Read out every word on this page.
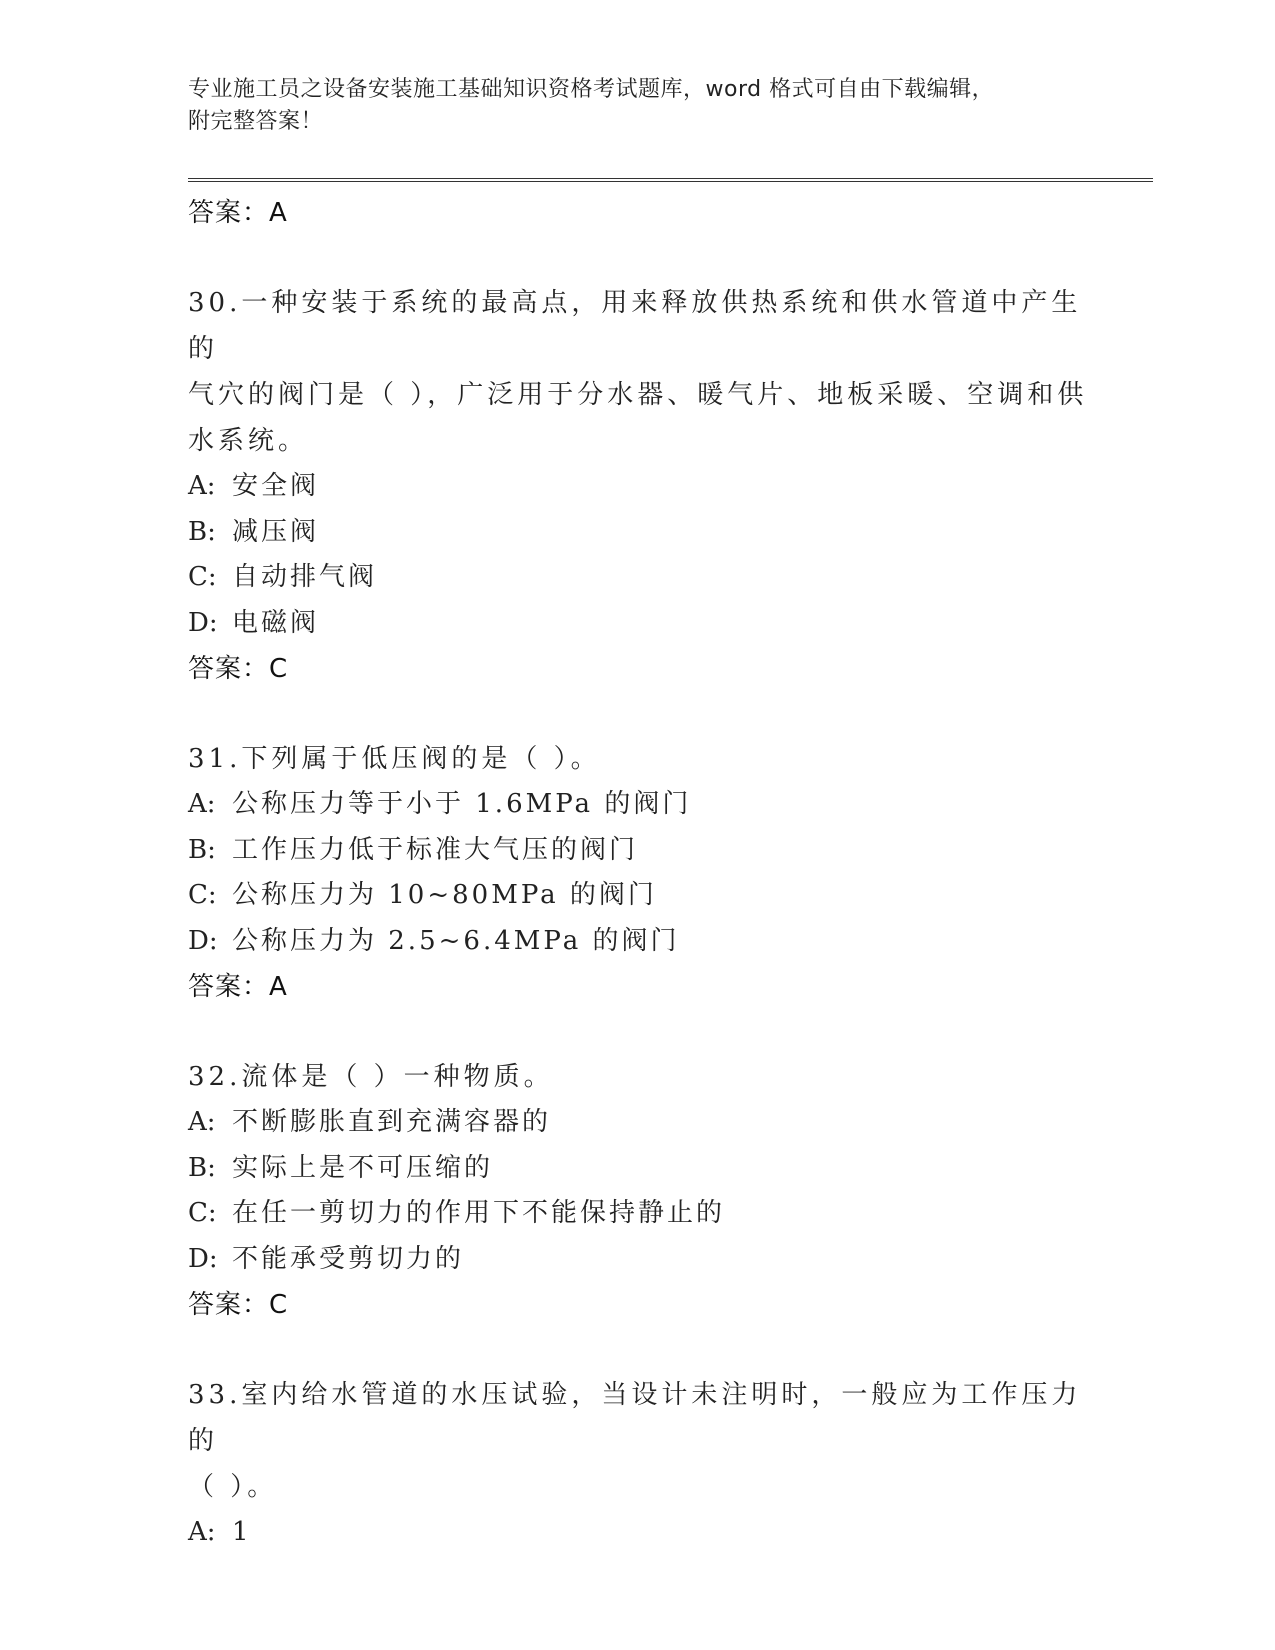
专业施工员之设备安装施工基础知识资格考试题库，word 格式可自由下载编辑，
附完整答案！
答案：A
30.一种安装于系统的最高点，用来释放供热系统和供水管道中产生的
气穴的阀门是（ ），广泛用于分水器、暖气片、地板采暖、空调和供
水系统。
A: 安全阀
B: 减压阀
C: 自动排气阀
D: 电磁阀
答案：C
31.下列属于低压阀的是（ ）。
A: 公称压力等于小于 1.6MPa 的阀门
B: 工作压力低于标准大气压的阀门
C: 公称压力为 10~80MPa 的阀门
D: 公称压力为 2.5~6.4MPa 的阀门
答案：A
32.流体是（ ）一种物质。
A: 不断膨胀直到充满容器的
B: 实际上是不可压缩的
C: 在任一剪切力的作用下不能保持静止的
D: 不能承受剪切力的
答案：C
33.室内给水管道的水压试验，当设计未注明时，一般应为工作压力的
（ ）。
A: 1
